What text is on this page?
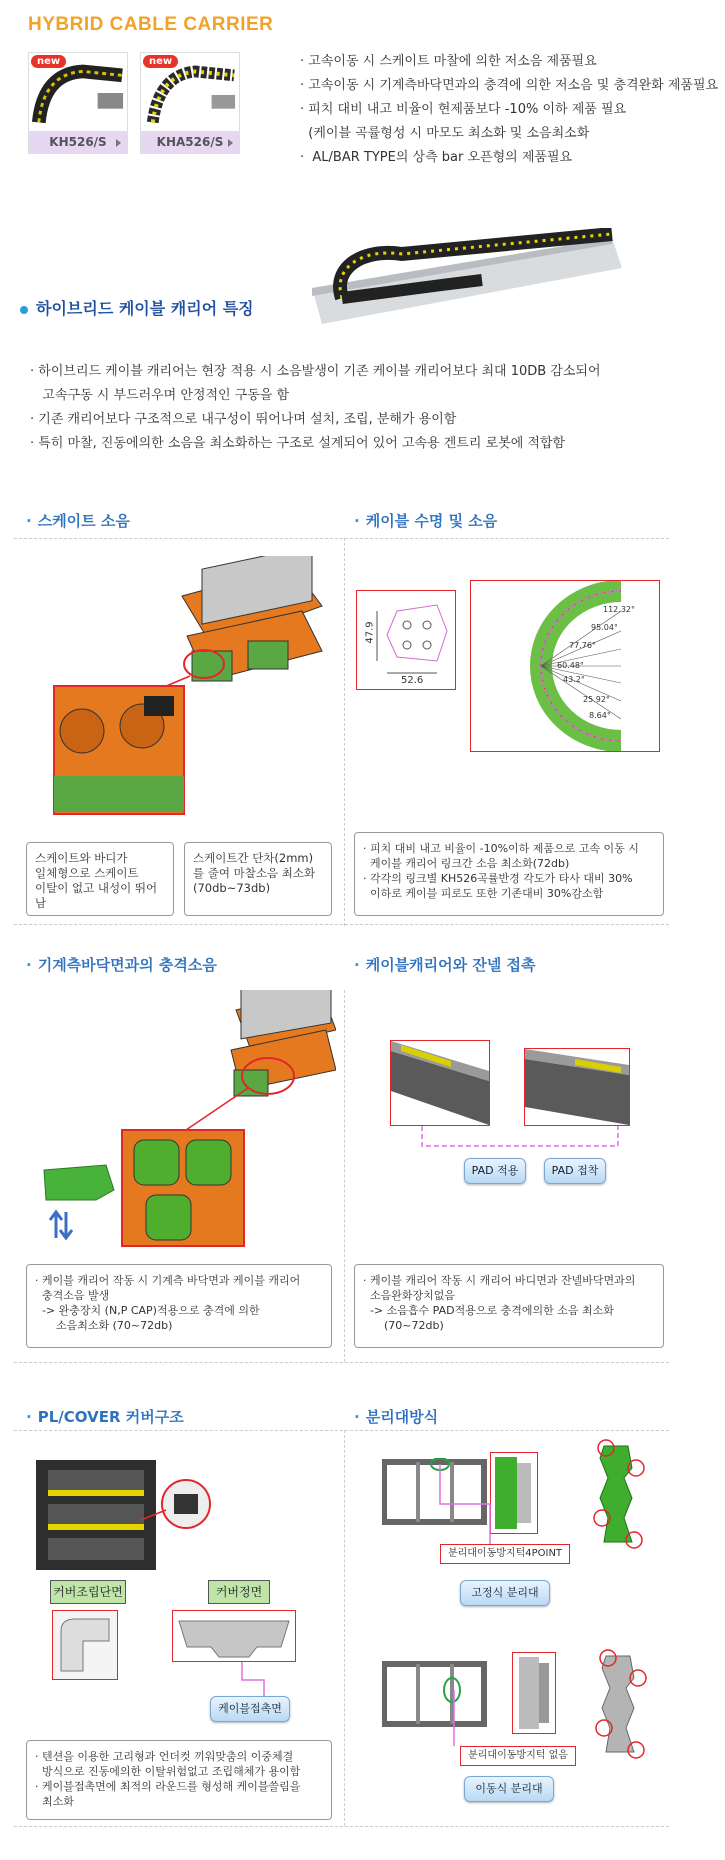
HYBRID CABLE CARRIER
new
KH526/S
new
KHA526/S
· 고속이동 시 스케이트 마찰에 의한 저소음 제품필요
· 고속이동 시 기계측바닥면과의 충격에 의한 저소음 및 충격완화 제품필요
· 피치 대비 내고 비율이 현제품보다 -10% 이하 제품 필요
(케이블 곡률형성 시 마모도 최소화 및 소음최소화
·  AL/BAR TYPE의 상측 bar 오픈형의 제품필요
하이브리드 케이블 캐리어 특징
· 하이브리드 케이블 캐리어는 현장 적용 시 소음발생이 기존 케이블 캐리어보다 최대 10DB 감소되어
고속구동 시 부드러우며 안정적인 구동을 함
· 기존 캐리어보다 구조적으로 내구성이 뛰어나며 설치, 조립, 분해가 용이함
· 특히 마찰, 진동에의한 소음을 최소화하는 구조로 설계되어 있어 고속용 겐트리 로봇에 적합함
· 스케이트 소음
스케이트와 바디가
일체형으로 스케이트
이탈이 없고 내성이 뛰어남
스케이트간 단차(2mm)
를 줄여 마찰소음 최소화
(70db~73db)
· 케이블 수명 및 소음
47.9
52.6
112.32°
95.04°
77.76°
60.48°
43.2°
25.92°
8.64°
· 피치 대비 내고 비율이 -10%이하 제품으로 고속 이동 시
케이블 캐리어 링크간 소음 최소화(72db)
· 각각의 링크별 KH526곡률반경 각도가 타사 대비 30%
이하로 케이블 피로도 또한 기존대비 30%감소함
· 기계측바닥면과의 충격소음
· 케이블 캐리어 작동 시 기계측 바닥면과 케이블 캐리어
충격소음 발생
-> 완충장치 (N,P CAP)적용으로 충격에 의한
소음최소화 (70~72db)
· 케이블캐리어와 잔넬 접촉
PAD 적용	PAD 접착
· 케이블 캐리어 작동 시 캐리어 바디면과 잔넬바닥면과의
소음완화장치없음
-> 소음흡수 PAD적용으로 충격에의한 소음 최소화
(70~72db)
· PL/COVER 커버구조
커버조립단면	커버정면
케이블접촉면
· 텐션을 이용한 고리형과 언더컷 끼워맞춤의 이중체결
방식으로 진동에의한 이탈위험없고 조립해체가 용이함
· 케이블접촉면에 최적의 라운드를 형성해 케이블쓸림을
최소화
· 분리대방식
분리대이동방지턱4POINT
고정식 분리대
분리대이동방지턱 없음
이동식 분리대
